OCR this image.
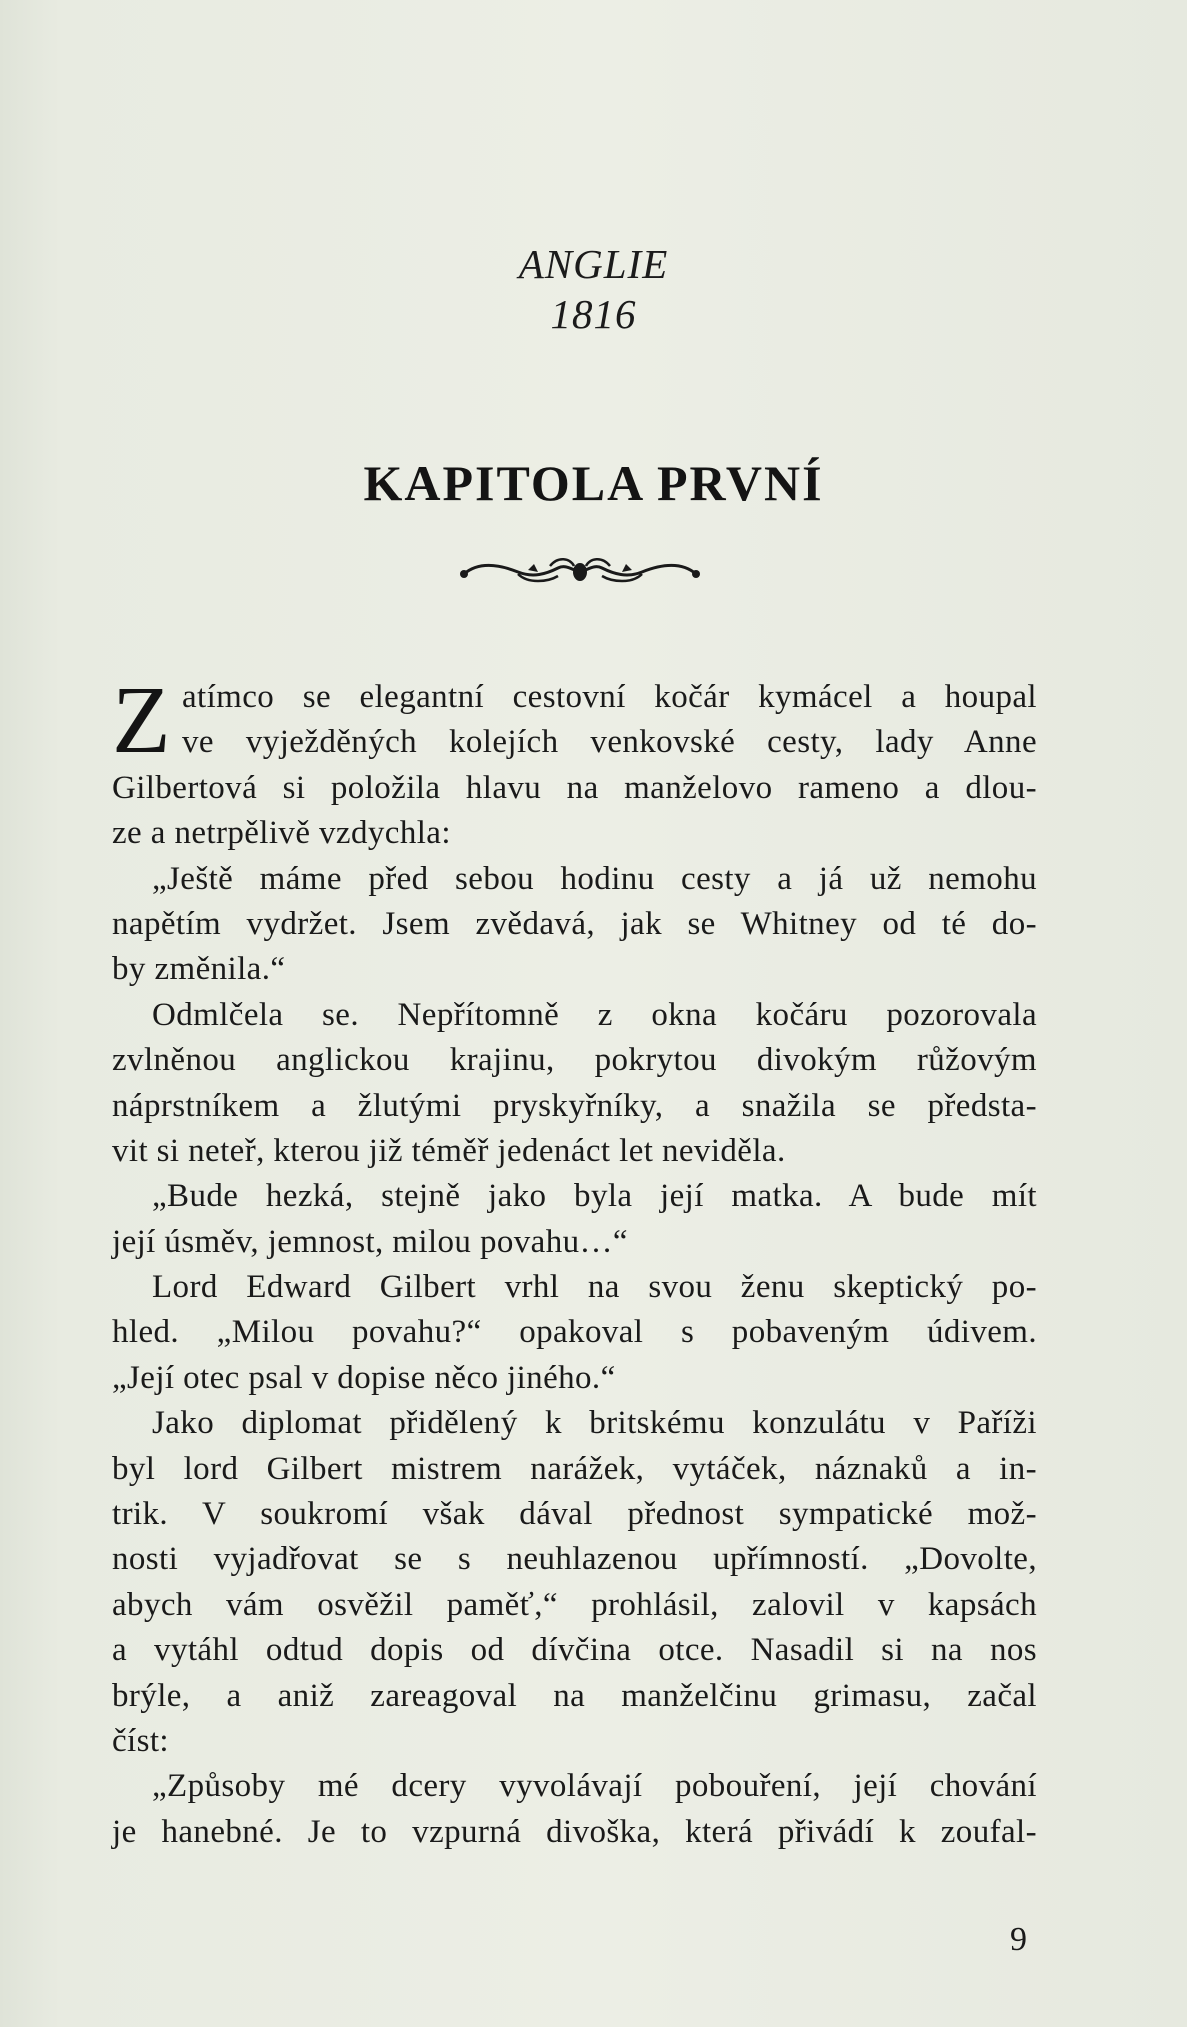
ANGLIE
1816
KAPITOLA PRVNÍ
Z atímco se elegantní cestovní kočár kymácel a houpal
ve vyježděných kolejích venkovské cesty, lady Anne
Gilbertová si položila hlavu na manželovo rameno a dlou-
ze a netrpělivě vzdychla:
„Ještě máme před sebou hodinu cesty a já už nemohu
napětím vydržet. Jsem zvědavá, jak se Whitney od té do-
by změnila.“
Odmlčela se. Nepřítomně z okna kočáru pozorovala
zvlněnou anglickou krajinu, pokrytou divokým růžovým
náprstníkem a žlutými pryskyřníky, a snažila se předsta-
vit si neteř, kterou již téměř jedenáct let neviděla.
„Bude hezká, stejně jako byla její matka. A bude mít
její úsměv, jemnost, milou povahu…“
Lord Edward Gilbert vrhl na svou ženu skeptický po-
hled. „Milou povahu?“ opakoval s pobaveným údivem.
„Její otec psal v dopise něco jiného.“
Jako diplomat přidělený k britskému konzulátu v Paříži
byl lord Gilbert mistrem narážek, vytáček, náznaků a in-
trik. V soukromí však dával přednost sympatické mož-
nosti vyjadřovat se s neuhlazenou upřímností. „Dovolte,
abych vám osvěžil paměť,“ prohlásil, zalovil v kapsách
a vytáhl odtud dopis od dívčina otce. Nasadil si na nos
brýle, a aniž zareagoval na manželčinu grimasu, začal
číst:
„Způsoby mé dcery vyvolávají pobouření, její chování
je hanebné. Je to vzpurná divoška, která přivádí k zoufal-
9
